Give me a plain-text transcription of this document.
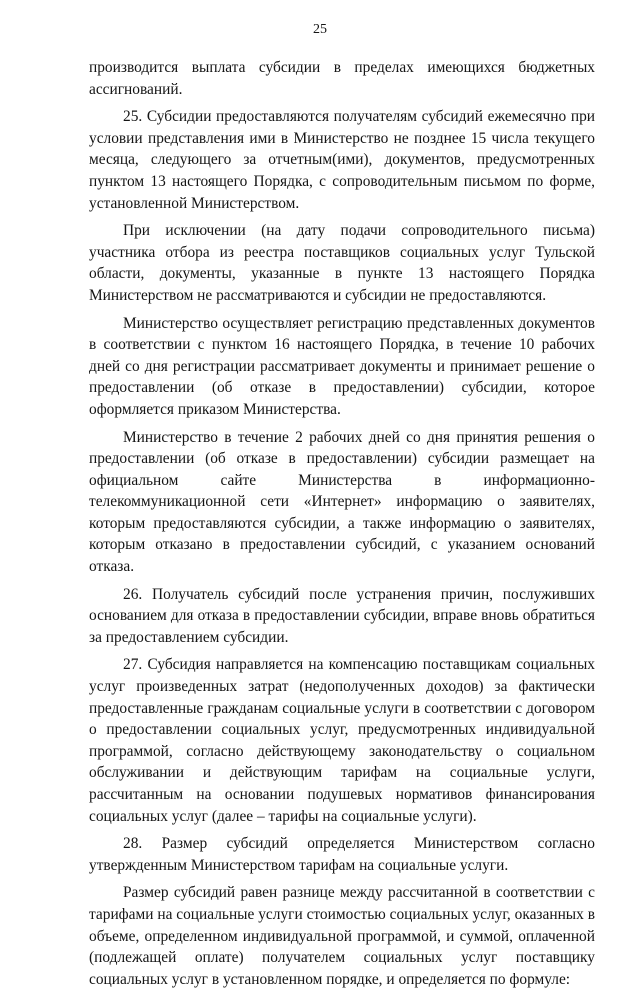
25

производится выплата субсидии в пределах имеющихся бюджетных ассигнований.

25. Субсидии предоставляются получателям субсидий ежемесячно при условии представления ими в Министерство не позднее 15 числа текущего месяца, следующего за отчетным(ими), документов, предусмотренных пунктом 13 настоящего Порядка, с сопроводительным письмом по форме, установленной Министерством.

При исключении (на дату подачи сопроводительного письма) участника отбора из реестра поставщиков социальных услуг Тульской области, документы, указанные в пункте 13 настоящего Порядка Министерством не рассматриваются и субсидии не предоставляются.

Министерство осуществляет регистрацию представленных документов в соответствии с пунктом 16 настоящего Порядка, в течение 10 рабочих дней со дня регистрации рассматривает документы и принимает решение о предоставлении (об отказе в предоставлении) субсидии, которое оформляется приказом Министерства.

Министерство в течение 2 рабочих дней со дня принятия решения о предоставлении (об отказе в предоставлении) субсидии размещает на официальном сайте Министерства в информационно-телекоммуникационной сети «Интернет» информацию о заявителях, которым предоставляются субсидии, а также информацию о заявителях, которым отказано в предоставлении субсидий, с указанием оснований отказа.

26. Получатель субсидий после устранения причин, послуживших основанием для отказа в предоставлении субсидии, вправе вновь обратиться за предоставлением субсидии.

27. Субсидия направляется на компенсацию поставщикам социальных услуг произведенных затрат (недополученных доходов) за фактически предоставленные гражданам социальные услуги в соответствии с договором о предоставлении социальных услуг, предусмотренных индивидуальной программой, согласно действующему законодательству о социальном обслуживании и действующим тарифам на социальные услуги, рассчитанным на основании подушевых нормативов финансирования социальных услуг (далее – тарифы на социальные услуги).

28. Размер субсидий определяется Министерством согласно утвержденным Министерством тарифам на социальные услуги.

Размер субсидий равен разнице между рассчитанной в соответствии с тарифами на социальные услуги стоимостью социальных услуг, оказанных в объеме, определенном индивидуальной программой, и суммой, оплаченной (подлежащей оплате) получателем социальных услуг поставщику социальных услуг в установленном порядке, и определяется по формуле:
